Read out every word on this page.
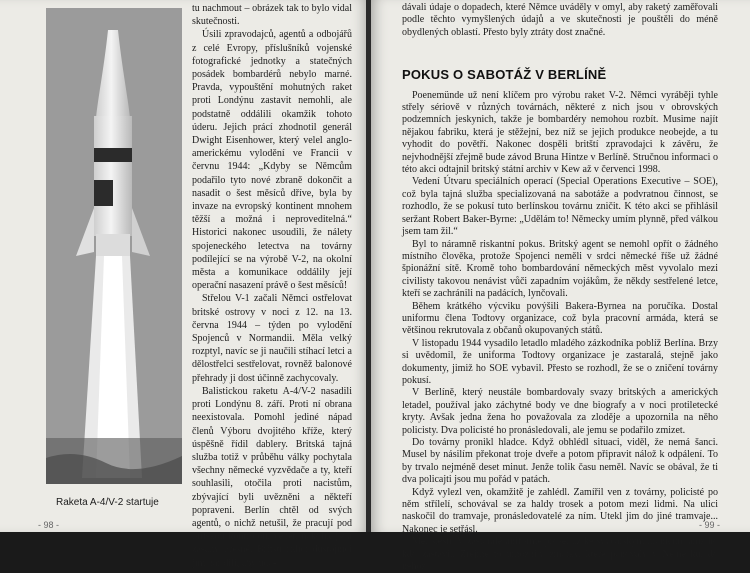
Raketa A-4/V-2 startuje

tu nachmout – obrázek tak to bylo vidal skutečnosti.

Úsili zpravodajců, agentů a odbojářů z celé Evropy, příslušníků vojenské fotografické jednotky a statečných posádek bombardérů nebylo marné. Pravda, vypouštění mohutných raket proti Londýnu zastavit nemohli, ale podstatně oddálili okamžik tohoto úderu. Jejich prácí zhodnotil generál Dwight Eisenhower, který velel anglo-americkému vylodění ve Francii v červnu 1944: „Kdyby se Němcům podařilo tyto nové zbraně dokončit a nasadit o šest měsíců dříve, byla by invaze na evropský kontinent mnohem těžší a možná i neproveditelná.“ Historici nakonec usoudili, že nálety spojeneckého letectva na továrny podílející se na výrobě V-2, na okolní města a komunikace oddálily její operační nasazení právě o šest měsíců!

Střelou V-1 začali Němci ostřelovat britské ostrovy v noci z 12. na 13. června 1944 – týden po vylodění Spojenců v Normandii. Měla velký rozptyl, navíc se ji naučili stíhací letci a dělostřelci sestřelovat, rovněž balonové přehrady ji dost účinně zachycovaly.

Balistickou raketu A-4/V-2 nasadili proti Londýnu 8. září. Proti ní obrana neexistovala. Pomohl jediné nápad členů Výboru dvojitého kříže, který úspěšně řídil dablery. Britská tajná služba totiž v průběhu války pochytala všechny německé vyzvědače a ty, kteří souhlasili, otočila proti nacistům, zbývající byli uvězněni a někteří popraveni. Berlín chtěl od svých agentů, o nichž netušil, že pracují pod britskou kontrolou, vědět, nakolik jsou zásahy přesné. Britští řídící důstojníci jim nařídili, aby udá-

- 98 -

dávali údaje o dopadech, které Němce uváděly v omyl, aby raketý zaměřovali podle těchto vymyšlených údajů a ve skutečnosti je pouštěli do méně obydlených oblastí. Přesto byly ztráty dost značné.

POKUS O SABOTÁŽ V BERLÍNĚ

Poenemünde už není klíčem pro výrobu raket V-2. Němci vyráběji tyhle střely sériově v různých továrnách, některé z nich jsou v obrovských podzemních jeskynich, takže je bombardéry nemohou rozbít. Musime najít nějakou fabriku, která je stěžejní, bez níž se jejich produkce neobejde, a tu vyhodit do povětří. Nakonec dospěli britští zpravodajci k závěru, že nejvhodnější zřejmě bude závod Bruna Hintze v Berlíně. Stručnou informaci o této akci odtajnil britský státní archiv v Kew až v červenci 1998.

Vedení Útvaru speciálních operací (Special Operations Executive – SOE), což byla tajná služba specializovaná na sabotáže a podvratnou činnost, se rozhodlo, že se pokusí tuto berlínskou továrnu zničit. K této akci se přihlásil seržant Robert Baker-Byrne: „Udělám to! Německy umím plynně, před válkou jsem tam žil.“

Byl to náramně riskantní pokus. Britský agent se nemohl opřít o žádného místního člověka, protože Spojenci neměli v srdci německé říše už žádné špionážní sítě. Kromě toho bombardování německých měst vyvolalo mezi civilisty takovou nenávist vůči zapadním vojákům, že někdy sestřelené letce, kteří se zachránili na padácích, lynčovali.

Během krátkého výcviku povýšili Bakera-Byrnea na poručíka. Dostal uniformu člena Todtovy organizace, což byla pracovní armáda, která se většinou rekrutovala z občanů okupovaných států.

V listopadu 1944 vysadilo letadlo mladého zázkodníka poblíž Berlína. Brzy si uvědomil, že uniforma Todtovy organizace je zastaralá, stejně jako dokumenty, jimiž ho SOE vybavil. Přesto se rozhodl, že se o zničení továrny pokusí.

V Berlíně, který neustále bombardovaly svazy britských a amerických letadel, používal jako záchytné body ve dne biografy a v noci protiletecké kryty. Avšak jedna žena ho považovala za zloděje a upozornila na něho policisty. Dva policisté ho pronásledovali, ale jemu se podařilo zmizet.

Do továrny pronikl hladce. Když obhlédl situaci, viděl, že nemá šanci. Musel by násilím překonat troje dveře a potom připravit nálož k odpálení. To by trvalo nejméně deset minut. Jenže tolik času neměl. Navíc se obával, že ti dva policajti jsou mu pořád v patách.

Když vylezl ven, okamžitě je zahlédl. Zamířil ven z továrny, policisté po něm střílelí, schovával se za haldy trosek a potom mezi lidmi. Na ulici naskočil do tramvaje, pronásledovatelé za ním. Utekl jim do jiné tramvaje... Nakonec je setřásl.

Měl štěstí. V zastaralé uniformě prošel až ke švýcarským hranicím, aniž ho kdo zastavil. Zřejmě to umožnily zmatky, které panovaly v Německu, do něhož

- 99 -
